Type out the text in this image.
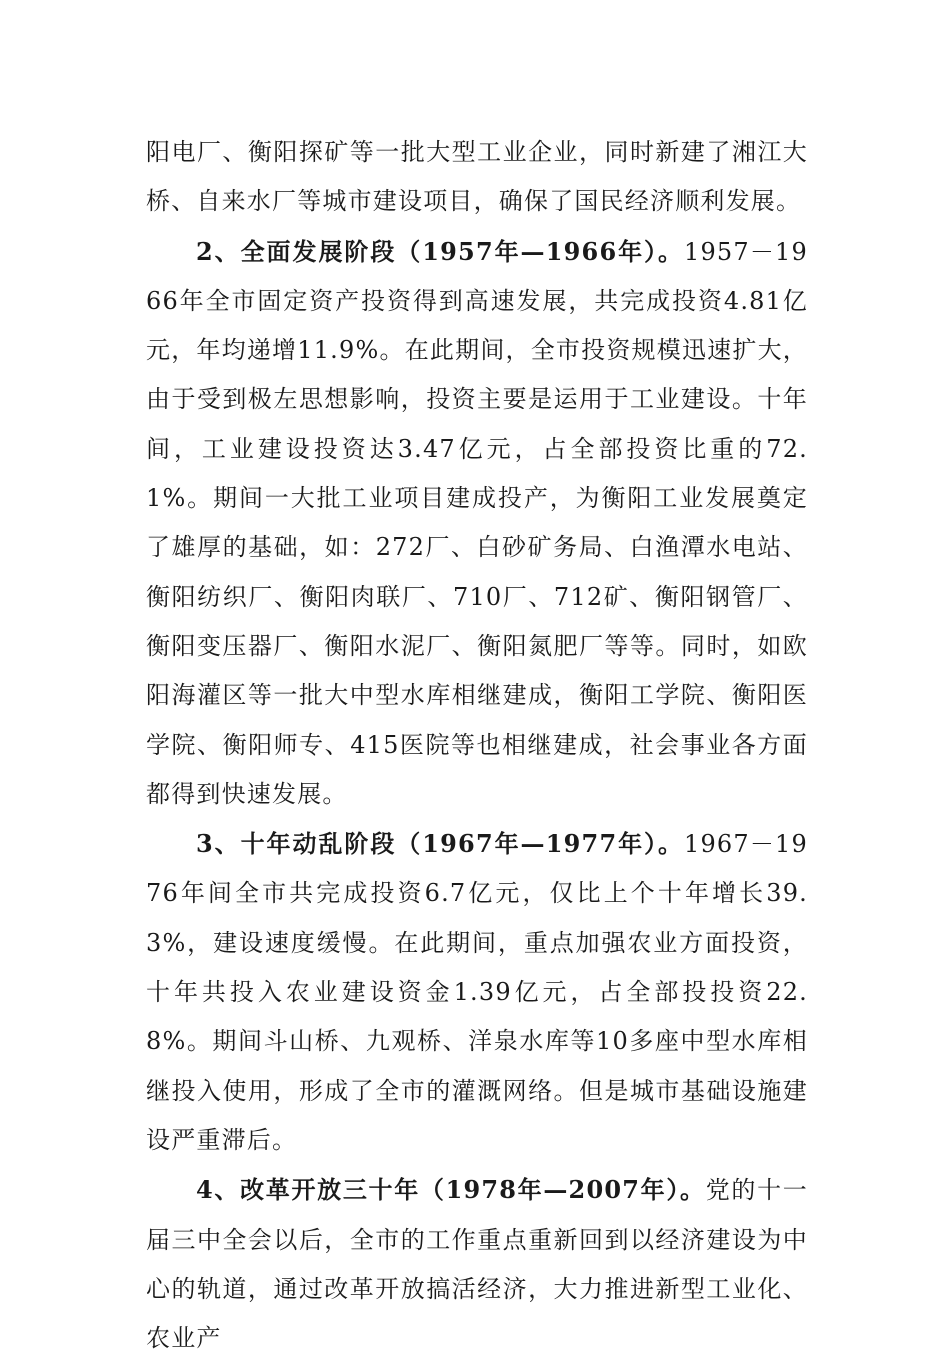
阳电厂、衡阳探矿等一批大型工业企业，同时新建了湘江大桥、自来水厂等城市建设项目，确保了国民经济顺利发展。

2、全面发展阶段（1957年—1966年）。1957－1966年全市固定资产投资得到高速发展，共完成投资4.81亿元，年均递增11.9%。在此期间，全市投资规模迅速扩大，由于受到极左思想影响，投资主要是运用于工业建设。十年间，工业建设投资达3.47亿元，占全部投资比重的72.1%。期间一大批工业项目建成投产，为衡阳工业发展奠定了雄厚的基础，如：272厂、白砂矿务局、白渔潭水电站、衡阳纺织厂、衡阳肉联厂、710厂、712矿、衡阳钢管厂、衡阳变压器厂、衡阳水泥厂、衡阳氮肥厂等等。同时，如欧阳海灌区等一批大中型水库相继建成，衡阳工学院、衡阳医学院、衡阳师专、415医院等也相继建成，社会事业各方面都得到快速发展。

3、十年动乱阶段（1967年—1977年）。1967－1976年间全市共完成投资6.7亿元，仅比上个十年增长39.3%，建设速度缓慢。在此期间，重点加强农业方面投资，十年共投入农业建设资金1.39亿元，占全部投投资22.8%。期间斗山桥、九观桥、洋泉水库等10多座中型水库相继投入使用，形成了全市的灌溉网络。但是城市基础设施建设严重滞后。

4、改革开放三十年（1978年—2007年）。党的十一届三中全会以后，全市的工作重点重新回到以经济建设为中心的轨道，通过改革开放搞活经济，大力推进新型工业化、农业产
